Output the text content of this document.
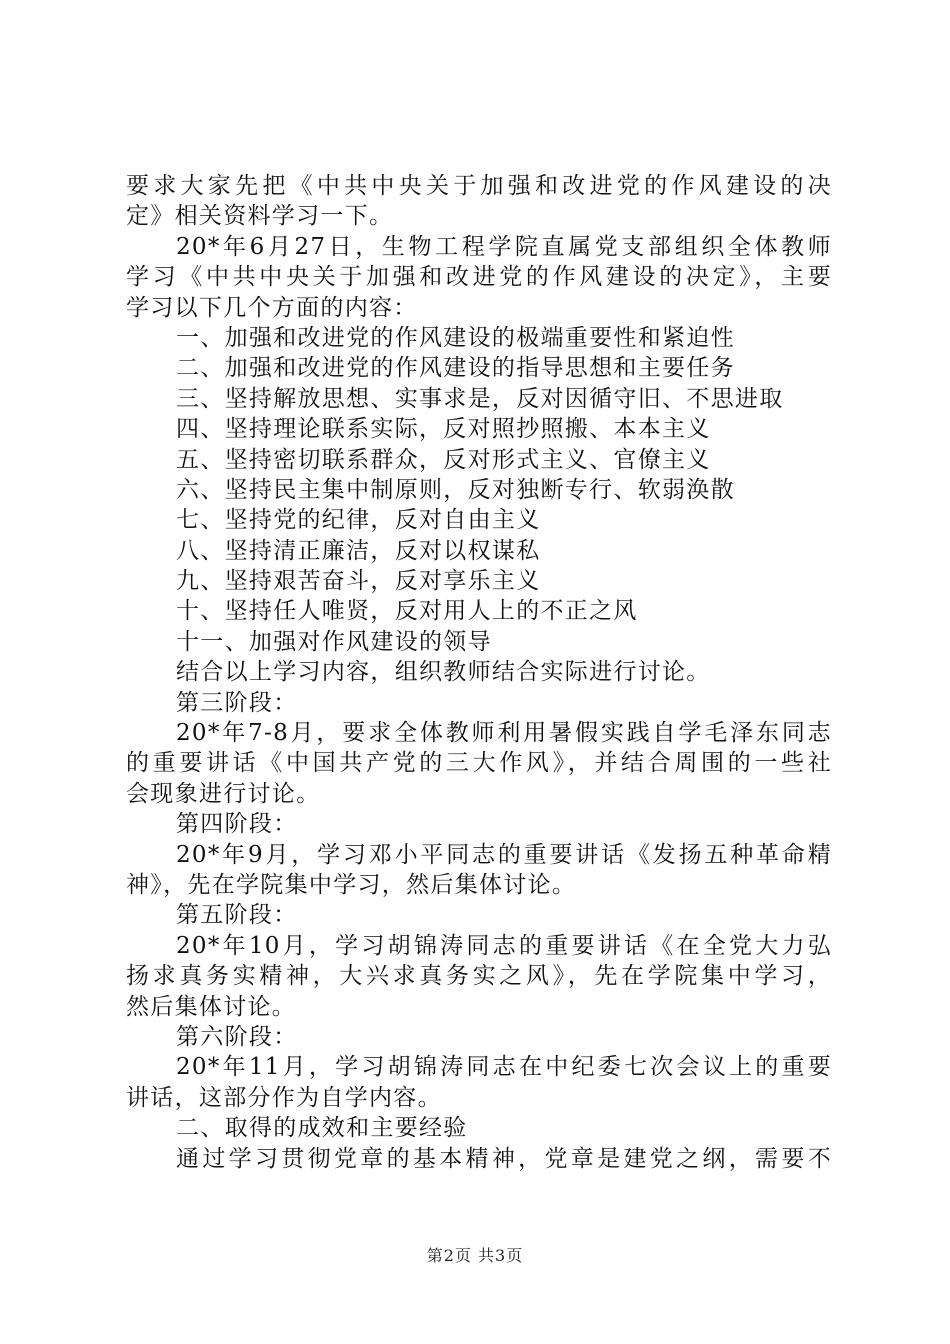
要求大家先把《中共中央关于加强和改进党的作风建设的决
定》相关资料学习一下。
20*年6月27日，生物工程学院直属党支部组织全体教师
学习《中共中央关于加强和改进党的作风建设的决定》，主要
学习以下几个方面的内容：
一、加强和改进党的作风建设的极端重要性和紧迫性
二、加强和改进党的作风建设的指导思想和主要任务
三、坚持解放思想、实事求是，反对因循守旧、不思进取
四、坚持理论联系实际，反对照抄照搬、本本主义
五、坚持密切联系群众，反对形式主义、官僚主义
六、坚持民主集中制原则，反对独断专行、软弱涣散
七、坚持党的纪律，反对自由主义
八、坚持清正廉洁，反对以权谋私
九、坚持艰苦奋斗，反对享乐主义
十、坚持任人唯贤，反对用人上的不正之风
十一、加强对作风建设的领导
结合以上学习内容，组织教师结合实际进行讨论。
第三阶段：
20*年7-8月，要求全体教师利用暑假实践自学毛泽东同志
的重要讲话《中国共产党的三大作风》，并结合周围的一些社
会现象进行讨论。
第四阶段：
20*年9月，学习邓小平同志的重要讲话《发扬五种革命精
神》，先在学院集中学习，然后集体讨论。
第五阶段：
20*年10月，学习胡锦涛同志的重要讲话《在全党大力弘
扬求真务实精神，大兴求真务实之风》，先在学院集中学习，
然后集体讨论。
第六阶段：
20*年11月，学习胡锦涛同志在中纪委七次会议上的重要
讲话，这部分作为自学内容。
二、取得的成效和主要经验
通过学习贯彻党章的基本精神，党章是建党之纲，需要不
第2页 共3页
